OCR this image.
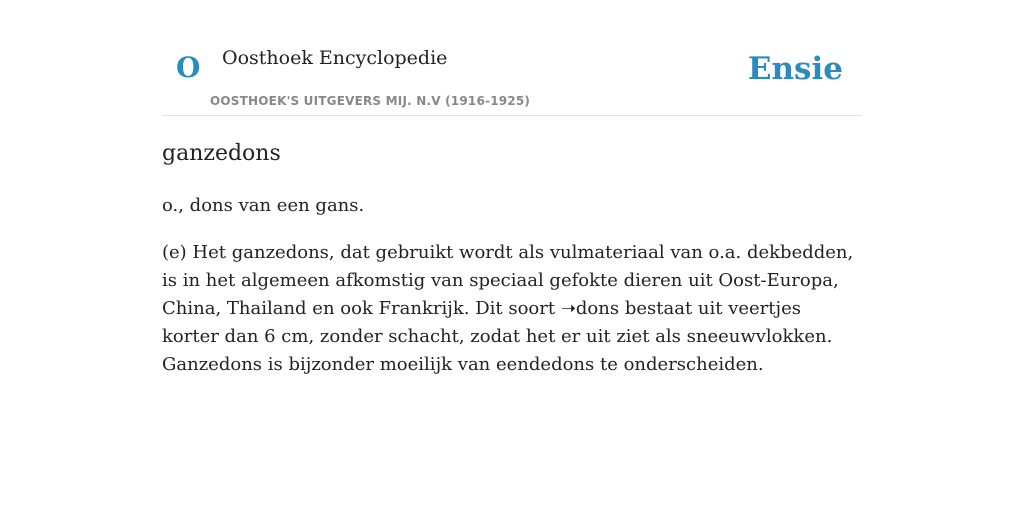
O Oosthoek Encyclopedie
OOSTHOEK'S UITGEVERS MIJ. N.V (1916-1925)
Ensie
ganzedons

o., dons van een gans.

(e) Het ganzedons, dat gebruikt wordt als vulmateriaal van o.a. dekbedden, is in het algemeen afkomstig van speciaal gefokte dieren uit Oost-Europa, China, Thailand en ook Frankrijk. Dit soort ➝dons bestaat uit veertjes korter dan 6 cm, zonder schacht, zodat het er uit ziet als sneeuwvlokken. Ganzedons is bijzonder moeilijk van eendedons te onderscheiden.
